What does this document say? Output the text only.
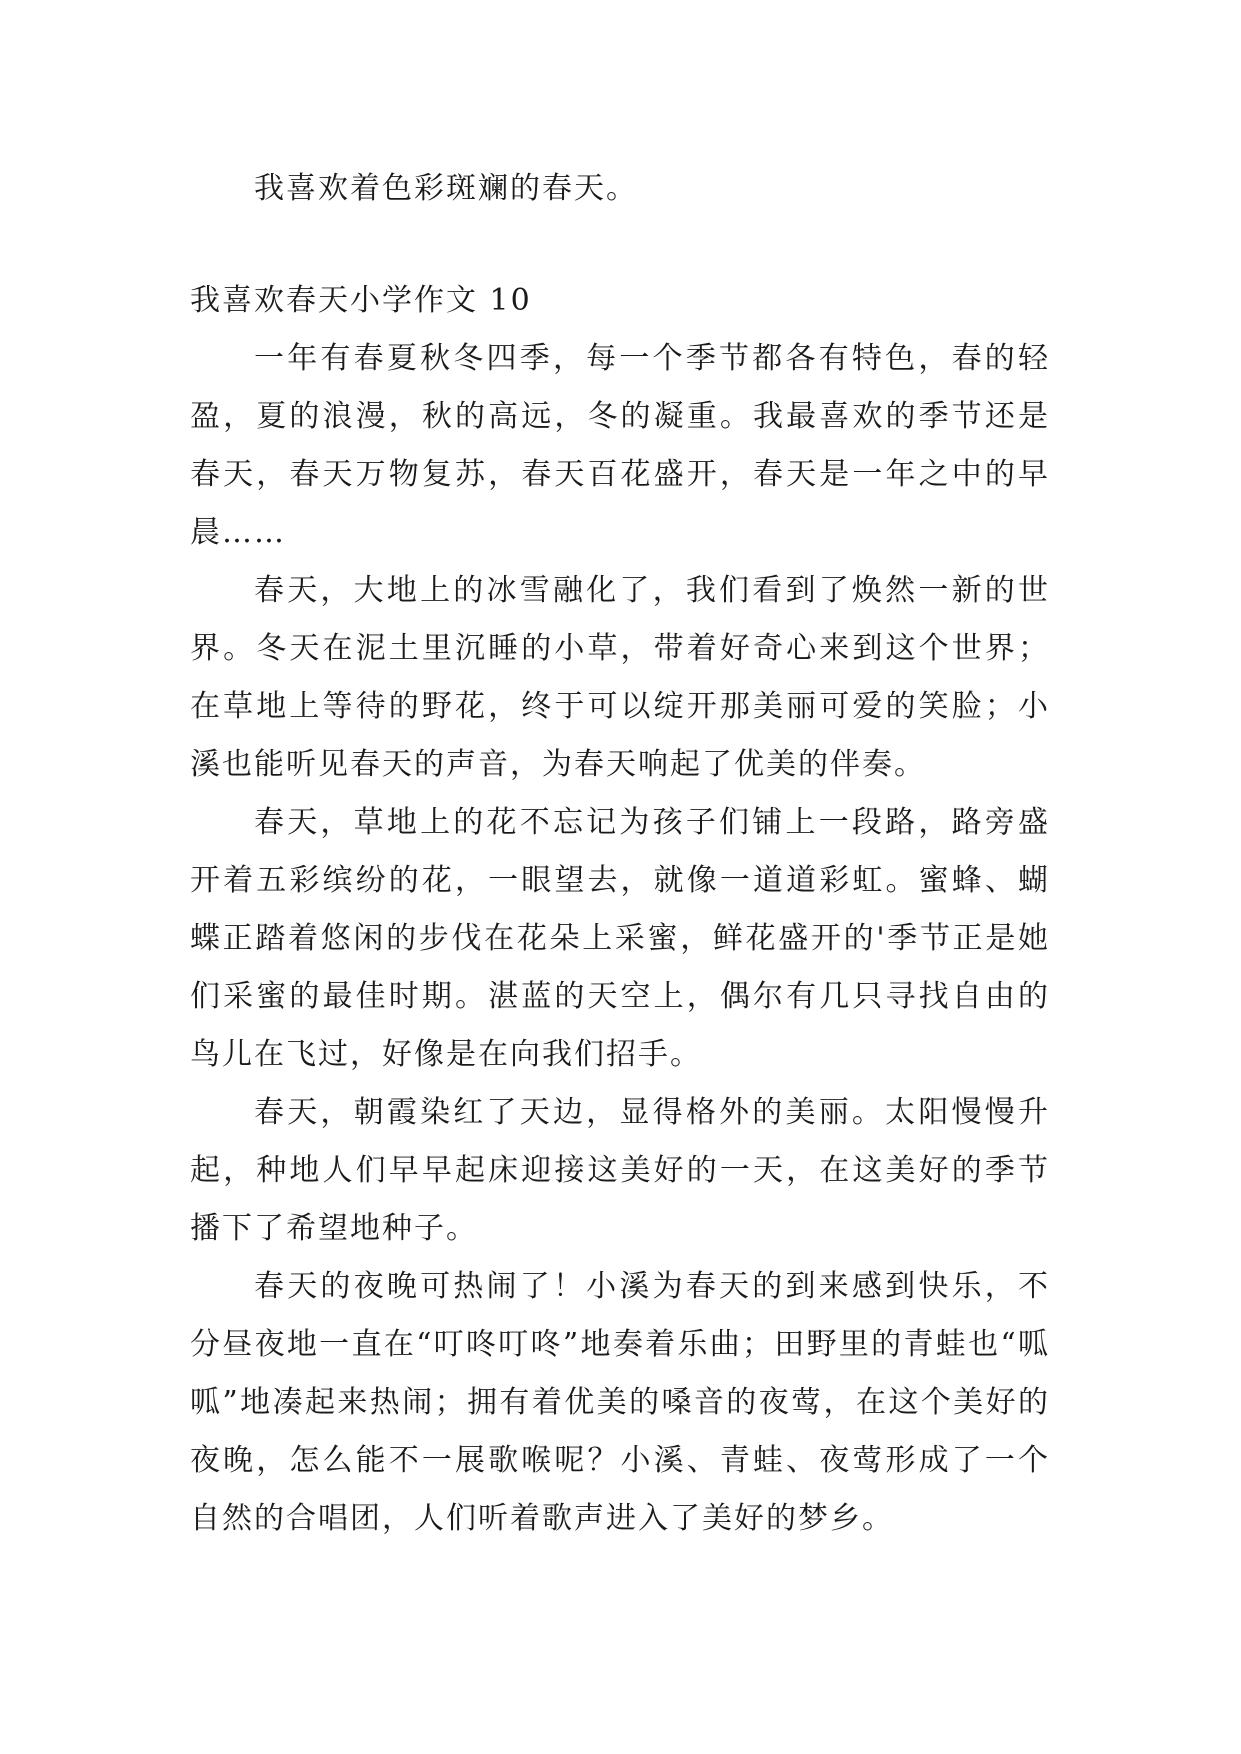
我喜欢着色彩斑斓的春天。

我喜欢春天小学作文 10

一年有春夏秋冬四季，每一个季节都各有特色，春的轻盈，夏的浪漫，秋的高远，冬的凝重。我最喜欢的季节还是春天，春天万物复苏，春天百花盛开，春天是一年之中的早晨……

春天，大地上的冰雪融化了，我们看到了焕然一新的世界。冬天在泥土里沉睡的小草，带着好奇心来到这个世界；在草地上等待的野花，终于可以绽开那美丽可爱的笑脸；小溪也能听见春天的声音，为春天响起了优美的伴奏。

春天，草地上的花不忘记为孩子们铺上一段路，路旁盛开着五彩缤纷的花，一眼望去，就像一道道彩虹。蜜蜂、蝴蝶正踏着悠闲的步伐在花朵上采蜜，鲜花盛开的'季节正是她们采蜜的最佳时期。湛蓝的天空上，偶尔有几只寻找自由的鸟儿在飞过，好像是在向我们招手。

春天，朝霞染红了天边，显得格外的美丽。太阳慢慢升起，种地人们早早起床迎接这美好的一天，在这美好的季节播下了希望地种子。

春天的夜晚可热闹了！小溪为春天的到来感到快乐，不分昼夜地一直在“叮咚叮咚”地奏着乐曲；田野里的青蛙也“呱呱”地凑起来热闹；拥有着优美的嗓音的夜莺，在这个美好的夜晚，怎么能不一展歌喉呢？小溪、青蛙、夜莺形成了一个自然的合唱团，人们听着歌声进入了美好的梦乡。
